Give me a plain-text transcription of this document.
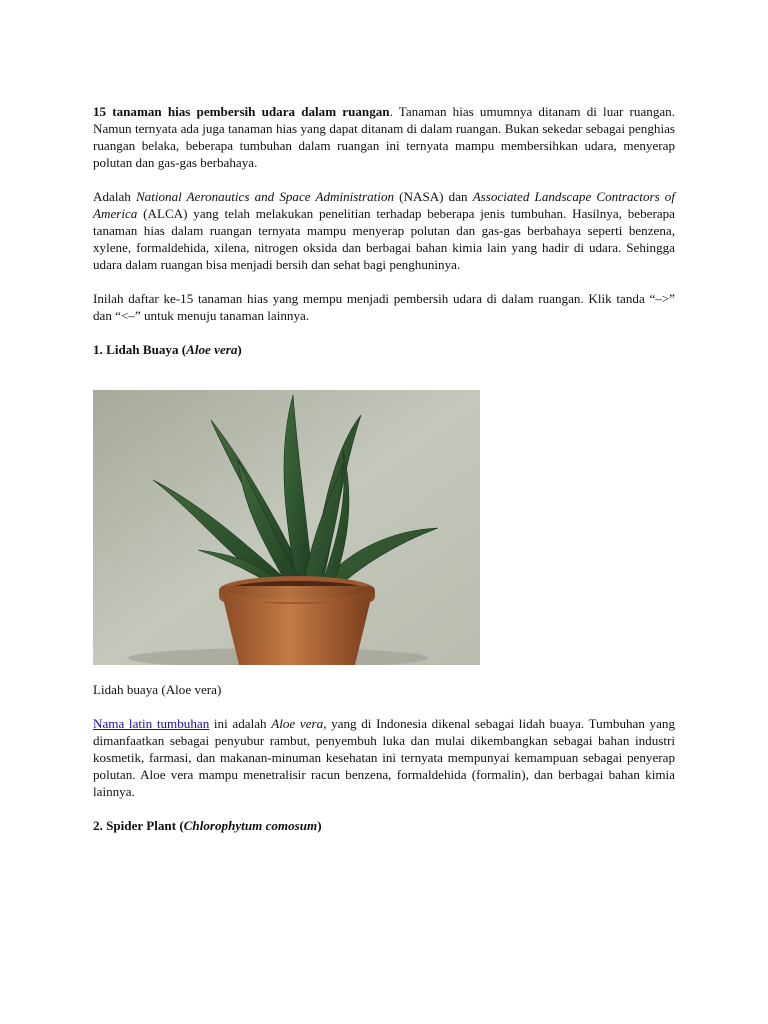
15 tanaman hias pembersih udara dalam ruangan. Tanaman hias umumnya ditanam di luar ruangan. Namun ternyata ada juga tanaman hias yang dapat ditanam di dalam ruangan. Bukan sekedar sebagai penghias ruangan belaka, beberapa tumbuhan dalam ruangan ini ternyata mampu membersihkan udara, menyerap polutan dan gas-gas berbahaya.

Adalah National Aeronautics and Space Administration (NASA) dan Associated Landscape Contractors of America (ALCA) yang telah melakukan penelitian terhadap beberapa jenis tumbuhan. Hasilnya, beberapa tanaman hias dalam ruangan ternyata mampu menyerap polutan dan gas-gas berbahaya seperti benzena, xylene, formaldehida, xilena, nitrogen oksida dan berbagai bahan kimia lain yang hadir di udara. Sehingga udara dalam ruangan bisa menjadi bersih dan sehat bagi penghuninya.

Inilah daftar ke-15 tanaman hias yang mempu menjadi pembersih udara di dalam ruangan. Klik tanda “–>” dan “<–” untuk menuju tanaman lainnya.

1. Lidah Buaya (Aloe vera)
Lidah buaya (Aloe vera)

Nama latin tumbuhan ini adalah Aloe vera, yang di Indonesia dikenal sebagai lidah buaya. Tumbuhan yang dimanfaatkan sebagai penyubur rambut, penyembuh luka dan mulai dikembangkan sebagai bahan industri kosmetik, farmasi, dan makanan-minuman kesehatan ini ternyata mempunyai kemampuan sebagai penyerap polutan. Aloe vera mampu menetralisir racun benzena, formaldehida (formalin), dan berbagai bahan kimia lainnya.

2. Spider Plant (Chlorophytum comosum)
